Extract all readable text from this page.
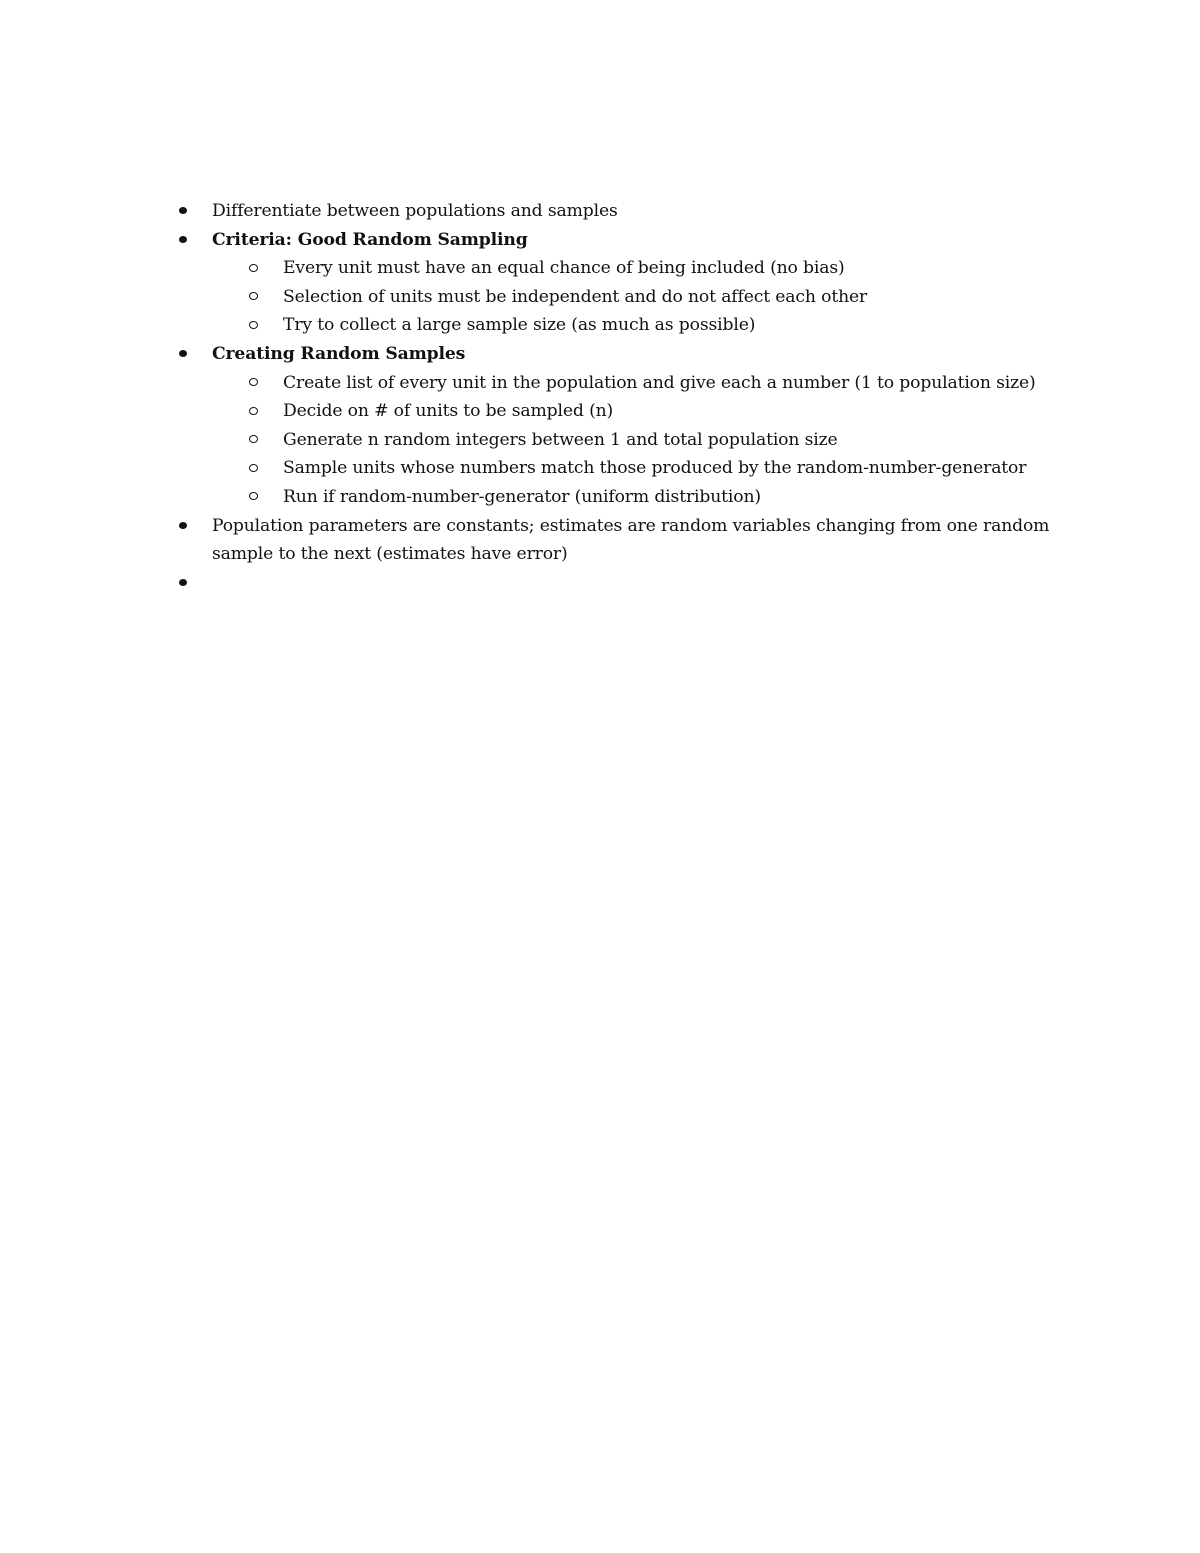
Differentiate between populations and samples
Criteria: Good Random Sampling
Every unit must have an equal chance of being included (no bias)
Selection of units must be independent and do not affect each other
Try to collect a large sample size (as much as possible)
Creating Random Samples
Create list of every unit in the population and give each a number (1 to population size)
Decide on # of units to be sampled (n)
Generate n random integers between 1 and total population size
Sample units whose numbers match those produced by the random-number-generator
Run if random-number-generator (uniform distribution)
Population parameters are constants; estimates are random variables changing from one random
sample to the next (estimates have error)
